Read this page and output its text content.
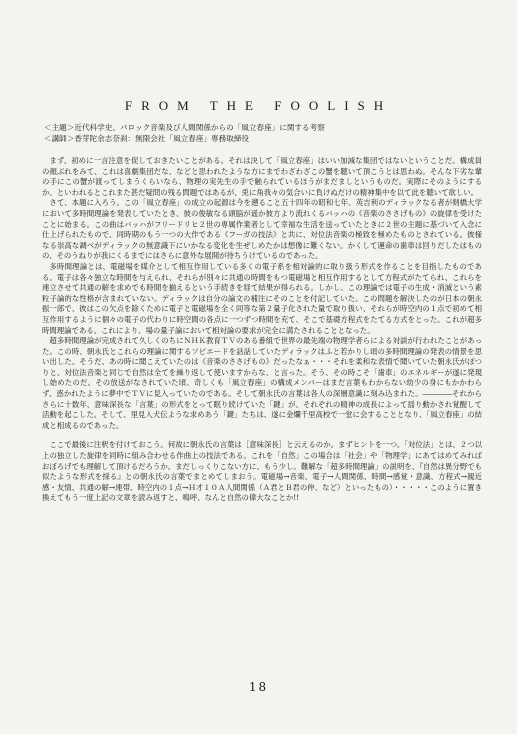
FROM THE FOOLISH
＜主題＞近代科学史、バロック音楽及び人間関係からの「風立春座」に関する考察
＜講師＞香芽陀余志奈刹：無限会社「風立春座」専務取締役

まず、初めに一言注意を促しておきたいことがある。それは決して「風立春座」はいい加減な集団ではないということだ。構成員の顔ぶれをみて、これは喜劇集団だな、などと思われたような方にまでわざわざこの蟹を聴いて頂こうとは思わぬ。そんな下劣な輩の手にこの蟹が渡ってしまうくらいなら、物理の実先生の手で触られているほうがまだましというものだ。実際にそのようにするか、といわれるとこれまた甚だ疑問の残る問題ではあるが、兎に角我々の気合いに負けぬだけの精神集中を以て此を聴いて欲しい。

さて、本題に入ろう。この「風立春座」の成立の起源は今を遡ること五十四年の昭和七年、英吉利のディラックなる者が剣橋大学において多時間理論を発表していたとき、彼の俊敏なる頭脳が遥か彼方より流れくるバッハの《音楽のささげもの》の旋律を受けたことに始まる。この曲はバッハがフリードリヒ２世の専属作業者として幸福な生活を送っていたときに２世の主題に基づいて入念に仕上げられたもので、同時期のもう一つの大作である《フーガの技法》と共に、対位法音楽の極致を極めたものとされている。彼様なる崇高な調べがディラックの無意識下にいかなる変化を生ぜしめたかは想像に難くない。かくして運命の歯車は回りだしたはものの、そのうねりが我にくるまでにはさらに意外な展開が待ちうけているのであった。

多時間理論とは、電磁場を媒介として相互作用している多くの電子系を相対論的に取り扱う形式を作ることを目指したものである。電子は各々独立な時間を与えられ、それらが別々に共通の時間をもつ電磁場と相互作用するとして方程式がたてられ、これらを連立させて共通の解を求めでも時間を揃えるという手続きを経て結果が得られる。しかし、この理論では電子の生成・消滅という素粒子論的な性格が含まれていない。ディラックは自分の論文の補注にそのことを付記していた。この問題を解決したのが日本の朝永振一郎で、彼はこの欠点を除くために電子と電磁場を全く同等な第２量子化された量で取り扱い、それらが時空内の１点で初めて相互作用するように個々の電子の代わりに時空間の各点に一つずつ時間を充て、そこで基礎方程式をたてる方式をとった。これが超多時間理論である。これにより、場の量子論において相対論の要求が完全に満たされることとなった。

超多時間理論が完成されて久しくのちにＮＨＫ教育ＴＶのある番組で世界の最先端の物理学者らによる対談が行われたことがあった。この時、朝永氏とこれらの理論に関するソビエードを話話していたディラックはふと若かりし頃の多時間理論の発表の情景を思い出した。そうだ、あの時に聞こえていたのは《音楽のささげもの》だったなぁ・・・それを柔和な表情で聞いていた朝永氏がぽつりと、対位法音楽と同じで自然は全てを繰り返して使いますからな、と言った。そう、その時こそ「歯車」のエネルギーが遂に発現し始めたのだ。その放送がなされていた頃、奇しくも「風立春座」の構成メンバーはまだ言葉もわからない幼少の身にもかかわらず、惑かれたように夢中でＴＶに見入っていたのである。そして朝永氏の言葉は各人の深層意識に刻み込まれた。――――それからさらに十数年、意味深長な「言葉」の形式をとって眠り続けていた「鍵」が、それぞれの精神の成長によって揺り動かされ覚醒して活動を起こした。そして、里見入犬伝ような求めあう「鍵」たちは、遂に金爛千里高校で一堂に会することとなり、「風立春座」の結成と相成るのであった。

ここで最後に注釈を付けておこう。何故に朝永氏の言葉は［意味深長］と云えるのか。まずヒントを一つ。「対位法」とは、２つ以上の独立した旋律を同時に組み合わせる作曲上の技法である。これを「自然」この場合は「社会」や「物理学」にあてはめてみればおぼろげでも理解して頂けるだろうか。まだしっくりこない方に、もう少し。難解な「超多時間理論」の説明を、『自然は異分野でも似たような形式を採る』との朝永氏の言葉でまとめてしまおう。電磁場→音楽、電子→人間関係、時間→感覚・意識、方程式→親近感・友情、共通の解→連帯、時空内の１点→Ｈ才１０Ａ人間関係（Ａ君とＢ君の仲、など）といったもの）・・・・・このように置き換えてもう一度上記の文章を読み返すと、鳴呼、なんと自然の偉大なことか!!

18
